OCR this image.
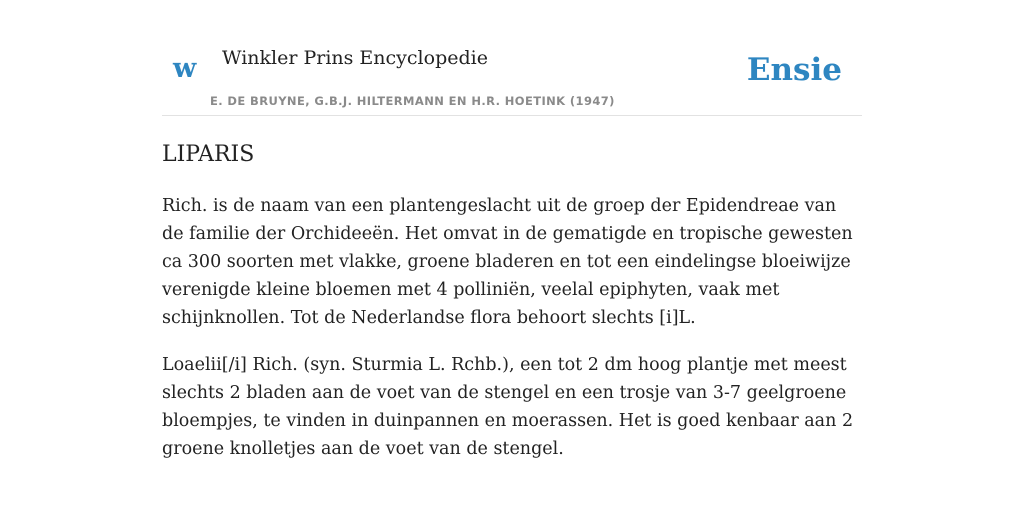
w Winkler Prins Encyclopedie
E. DE BRUYNE, G.B.J. HILTERMANN EN H.R. HOETINK (1947)
Ensie
LIPARIS

Rich. is de naam van een plantengeslacht uit de groep der Epidendreae van de familie der Orchideeën. Het omvat in de gematigde en tropische gewesten ca 300 soorten met vlakke, groene bladeren en tot een eindelingse bloeiwijze verenigde kleine bloemen met 4 polliniën, veelal epiphyten, vaak met schijnknollen. Tot de Nederlandse flora behoort slechts [i]L.

Loaelii[/i] Rich. (syn. Sturmia L. Rchb.), een tot 2 dm hoog plantje met meest slechts 2 bladen aan de voet van de stengel en een trosje van 3-7 geelgroene bloempjes, te vinden in duinpannen en moerassen. Het is goed kenbaar aan 2 groene knolletjes aan de voet van de stengel.
